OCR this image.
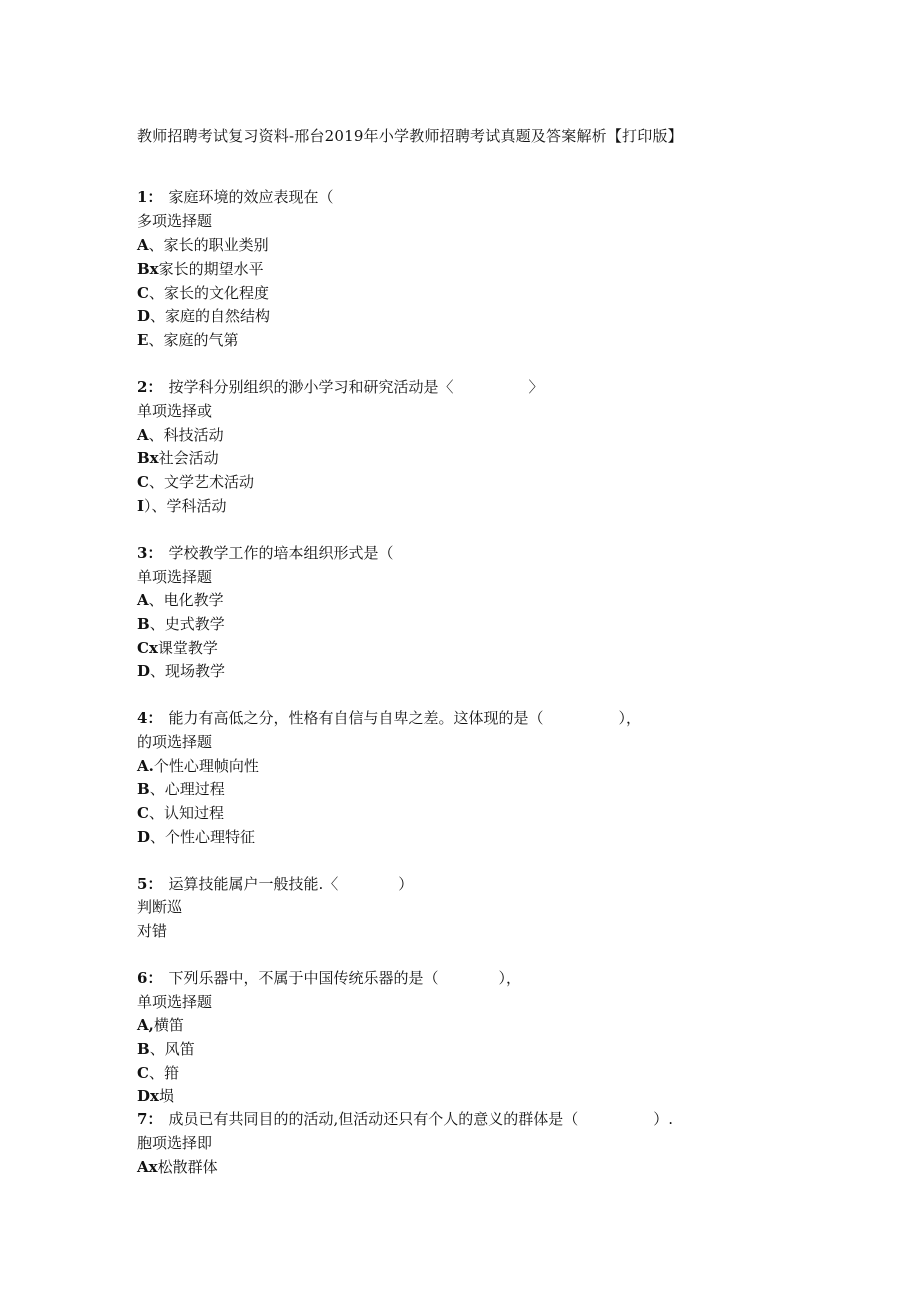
教师招聘考试复习资料-邢台2019年小学教师招聘考试真题及答案解析【打印版】
1： 家庭环境的效应表现在（
多项选择题
A、家长的职业类别
Bx家长的期望水平
C、家长的文化程度
D、家庭的自然结构
E、家庭的气第
2： 按学科分别组织的渺小学习和研究活动是〈　　　　　〉
单项选择或
A、科技活动
Bx社会活动
C、文学艺术活动
I）、学科活动
3： 学校教学工作的培本组织形式是（
单项选择题
A、电化教学
B、史式教学
Cx课堂教学
D、现场教学
4： 能力有高低之分，性格有自信与自卑之差。这体现的是（　　　　　），
的项选择题
A.个性心理帧向性
B、心理过程
C、认知过程
D、个性心理特征
5： 运算技能属户一般技能.〈　　　　）
判断巡
对错
6： 下列乐器中，不属于中国传统乐器的是（　　　　），
单项选择题
A,横笛
B、风笛
C、箝
Dx埙
7： 成员已有共同目的的活动,但活动还只有个人的意义的群体是（　　　　　）.
胞项选择即
Ax松散群体
